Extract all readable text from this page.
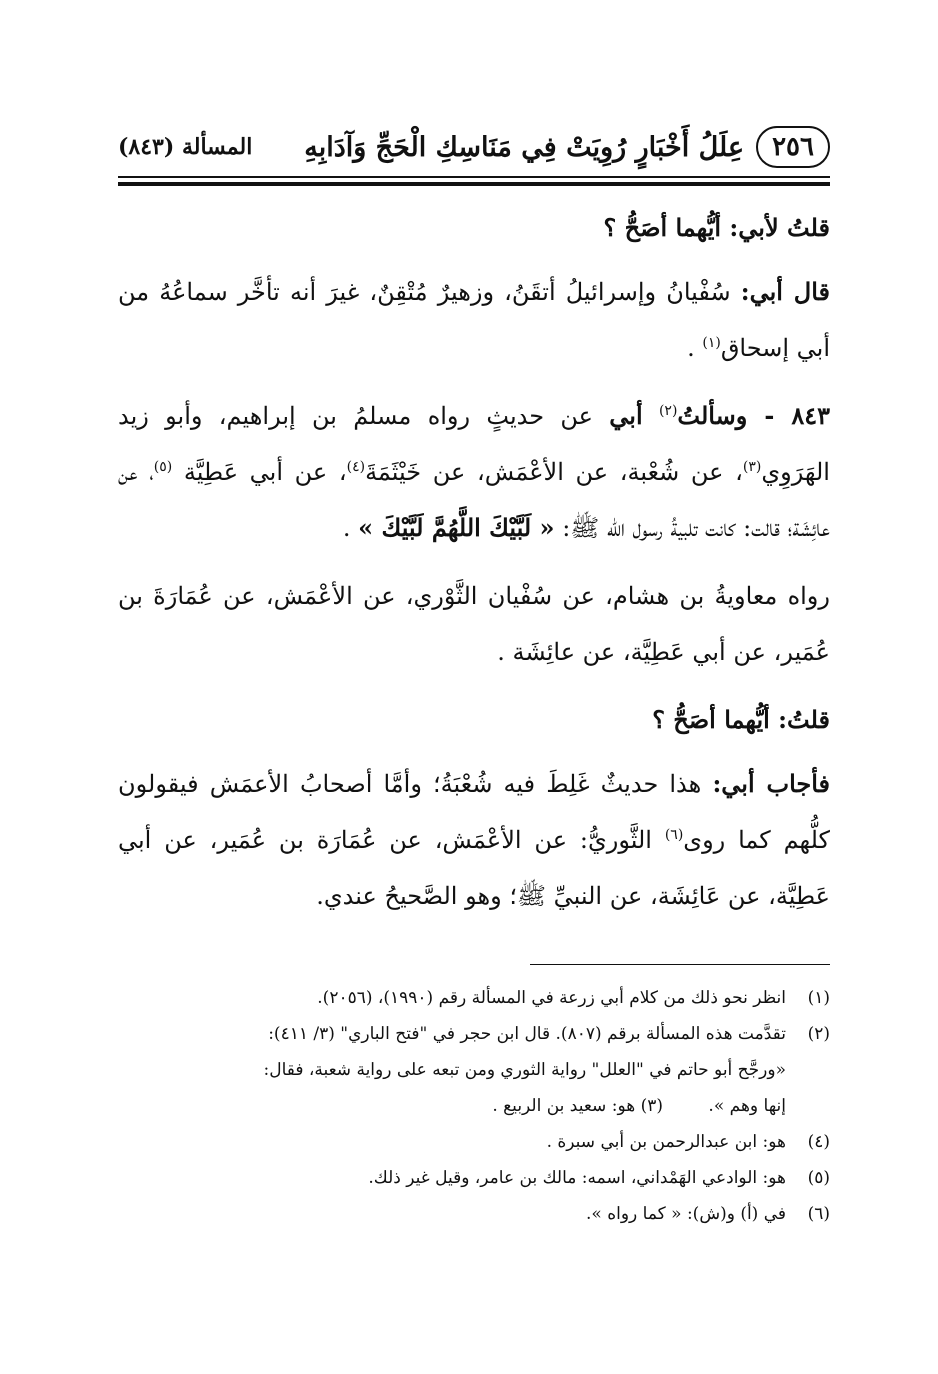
٢٥٦
عِلَلُ أَخْبَارٍ رُوِيَتْ فِي مَنَاسِكِ الْحَجِّ وَآدَابِهِ
المسألة (٨٤٣)

قلتُ لأبي: أيُّهما أصَحُّ ؟

قال أبي: سُفْيانُ وإسرائيلُ أتقَنُ، وزهيرٌ مُتْقِنٌ، غيرَ أنه تأخَّر سماعُهُ من أبي إسحاق$^{(١)}$ .

٨٤٣ - وسألتُ$^{(٢)}$ أبي عن حديثٍ رواه مسلمُ بن إبراهيم، وأبو زيد الهَرَوِي$^{(٣)}$، عن شُعْبة، عن الأعْمَش، عن خَيْثَمَةَ$^{(٤)}$، عن أبي عَطِيَّة $^{(٥)}$، عن عائِشَة؛ قالت: كانت تلبيةُ رسول الله ﷺ: « لَبَّيْكَ اللَّهُمَّ لَبَّيْكَ » .

رواه معاويةُ بن هشام، عن سُفْيان الثَّوْري، عن الأعْمَش، عن عُمَارَةَ بن عُمَير، عن أبي عَطِيَّة، عن عائِشَة .

قلتُ: أيُّهما أصَحُّ ؟

فأجاب أبي: هذا حديثٌ غَلِطَ فيه شُعْبَةُ؛ وأمَّا أصحابُ الأعمَش فيقولون كلُّهم كما روى$^{(٦)}$ الثَّوريُّ: عن الأعْمَش، عن عُمَارَة بن عُمَير، عن أبي عَطِيَّة، عن عَائِشَة، عن النبيِّ ﷺ؛ وهو الصَّحيحُ عندي.

(١)
انظر نحو ذلك من كلام أبي زرعة في المسألة رقم (١٩٩٠)، (٢٠٥٦).
(٢)
تقدَّمت هذه المسألة برقم (٨٠٧). قال ابن حجر في "فتح الباري" (٣/ ٤١١):
«ورجَّح أبو حاتم في "العلل" رواية الثوري ومن تبعه على رواية شعبة، فقال:
إنها وهم ». (٣) هو: سعيد بن الربيع .
(٤)
هو: ابن عبدالرحمن بن أبي سبرة .
(٥)
هو: الوادعي الهَمْداني، اسمه: مالك بن عامر، وقيل غير ذلك.
(٦)
في (أ) و(ش): « كما رواه ».
